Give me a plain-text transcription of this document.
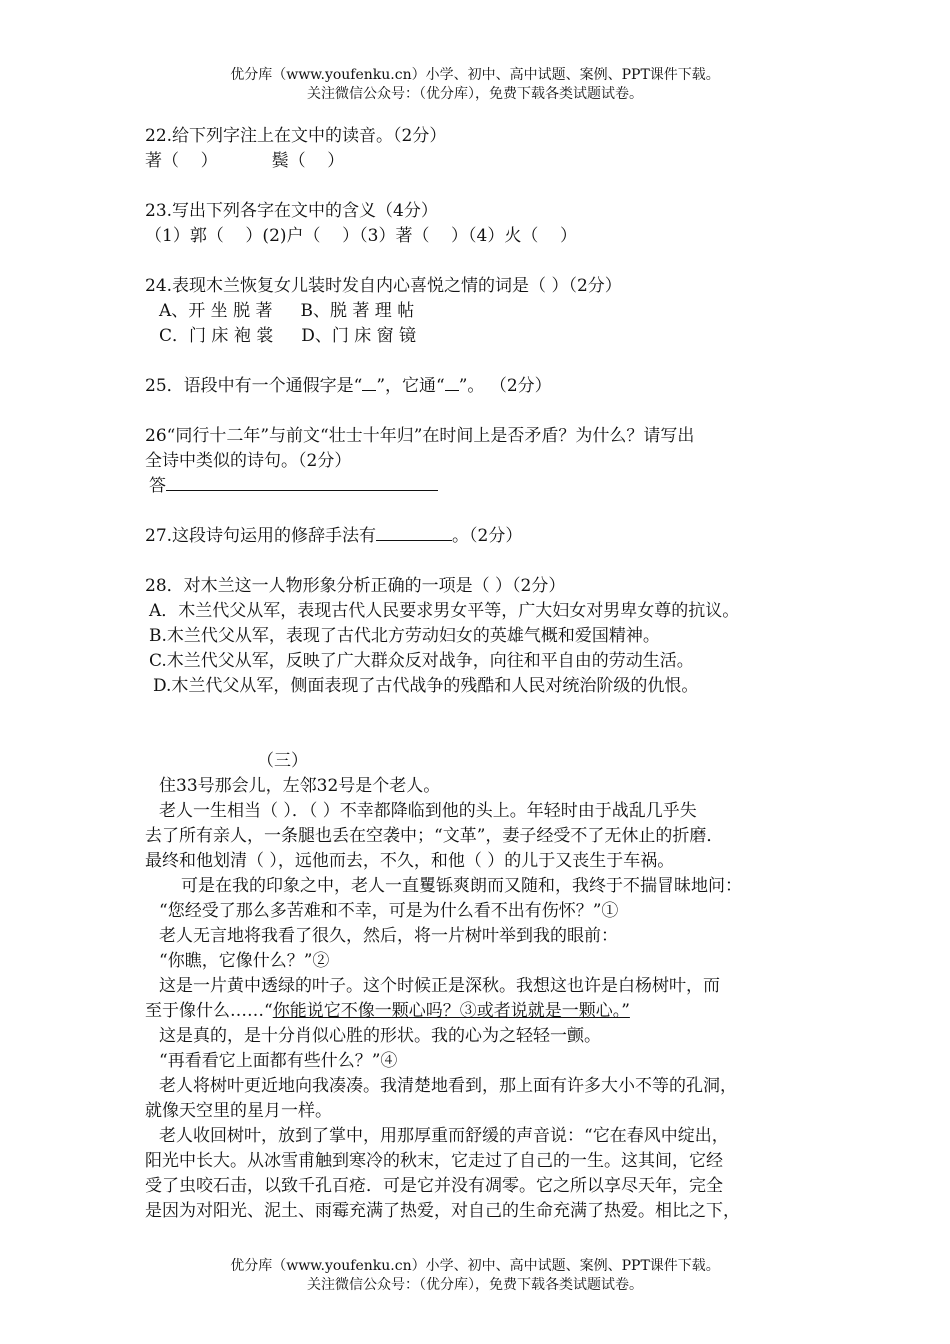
优分库（www.youfenku.cn）小学、初中、高中试题、案例、PPT课件下载。
关注微信公众号：（优分库），免费下载各类试题试卷。
22.给下列字注上在文中的读音。（2分）
著（    ）          鬓（    ）
23.写出下列各字在文中的含义（4分）
（1）郭（    ）(2)户（    ）（3）著（    ）（4）火（    ）
24.表现木兰恢复女儿装时发自内心喜悦之情的词是（ ）（2分）
A、开 坐 脱 著 B、脱 著 理 帖
C．门 床 袍 裳 D、门 床 窗 镜
25．语段中有一个通假字是“ ”，它通“ ”。 （2分）
26“同行十二年”与前文“壮士十年归”在时间上是否矛盾？为什么？请写出
全诗中类似的诗句。（2分）
答
27.这段诗句运用的修辞手法有	。（2分）
28．对木兰这一人物形象分析正确的一项是（ ）（2分）
A．木兰代父从军，表现古代人民要求男女平等，广大妇女对男卑女尊的抗议。
B.木兰代父从军，表现了古代北方劳动妇女的英雄气概和爱国精神。
C.木兰代父从军，反映了广大群众反对战争，向往和平自由的劳动生活。
D.木兰代父从军，侧面表现了古代战争的残酷和人民对统治阶级的仇恨。
（三）
住33号那会儿，左邻32号是个老人。
老人一生相当（ ）．（ ）不幸都降临到他的头上。年轻时由于战乱几乎失
去了所有亲人，一条腿也丢在空袭中；“文革”，妻子经受不了无休止的折磨．
最终和他划清（ ），远他而去，不久，和他（ ）的儿于又丧生于车祸。
可是在我的印象之中，老人一直矍铄爽朗而又随和，我终于不揣冒昧地问：
“您经受了那么多苦难和不幸，可是为什么看不出有伤怀？”①
老人无言地将我看了很久，然后，将一片树叶举到我的眼前：
“你瞧，它像什么？”②
这是一片黄中透绿的叶子。这个时候正是深秋。我想这也许是白杨树叶，而
至于像什么……“你能说它不像一颗心吗？③或者说就是一颗心。”
这是真的，是十分肖似心胜的形状。我的心为之轻轻一颤。
“再看看它上面都有些什么？”④
老人将树叶更近地向我凑凑。我清楚地看到，那上面有许多大小不等的孔洞，
就像天空里的星月一样。
老人收回树叶，放到了掌中，用那厚重而舒缓的声音说：“它在春风中绽出，
阳光中长大。从冰雪甫触到寒冷的秋末，它走过了自己的一生。这其间，它经
受了虫咬石击，以致千孔百疮．可是它并没有凋零。它之所以享尽天年，完全
是因为对阳光、泥土、雨霉充满了热爱，对自己的生命充满了热爱。相比之下，
优分库（www.youfenku.cn）小学、初中、高中试题、案例、PPT课件下载。
关注微信公众号：（优分库），免费下载各类试题试卷。
